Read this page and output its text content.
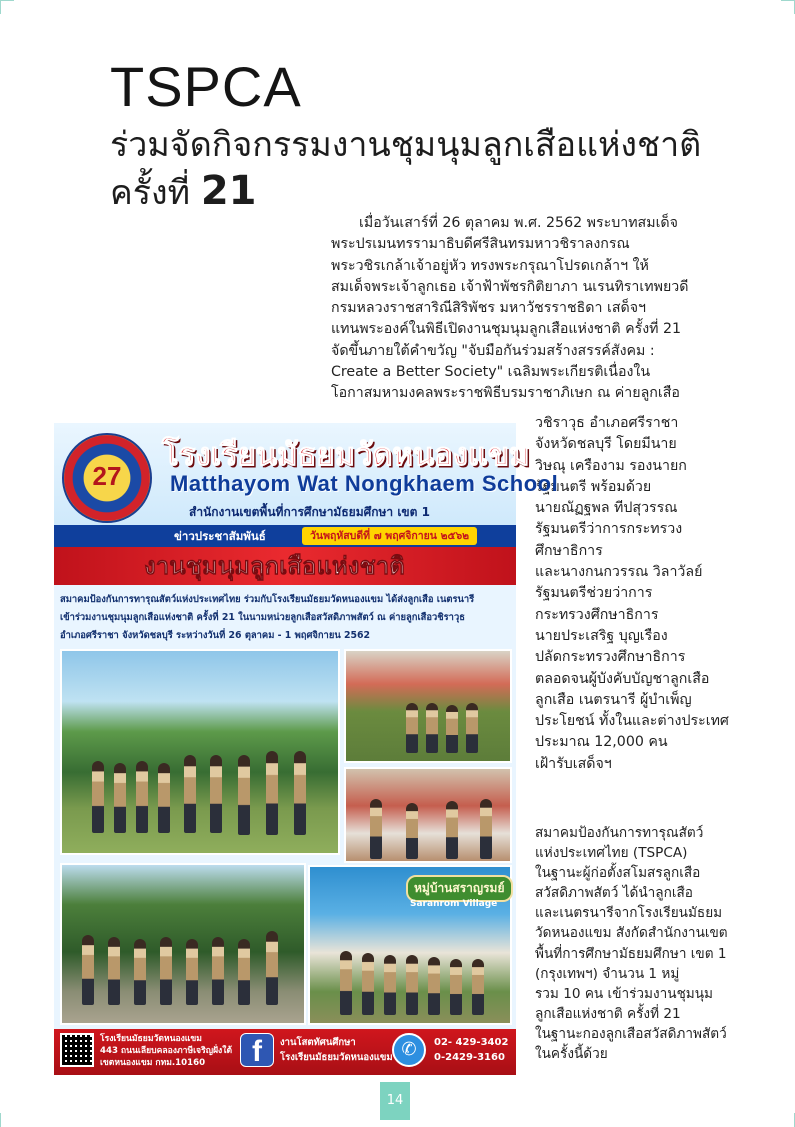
TSPCA
ร่วมจัดกิจกรรมงานชุมนุมลูกเสือแห่งชาติ
ครั้งที่ 21
เมื่อวันเสาร์ที่ 26 ตุลาคม พ.ศ. 2562 พระบาทสมเด็จ
พระปรเมนทรรามาธิบดีศรีสินทรมหาวชิราลงกรณ
พระวชิรเกล้าเจ้าอยู่หัว ทรงพระกรุณาโปรดเกล้าฯ ให้
สมเด็จพระเจ้าลูกเธอ เจ้าฟ้าพัชรกิติยาภา นเรนทิราเทพยวดี
กรมหลวงราชสาริณีสิริพัชร มหาวัชรราชธิดา เสด็จฯ
แทนพระองค์ในพิธีเปิดงานชุมนุมลูกเสือแห่งชาติ ครั้งที่ 21
จัดขึ้นภายใต้คำขวัญ "จับมือกันร่วมสร้างสรรค์สังคม :
Create a Better Society" เฉลิมพระเกียรติเนื่องใน
โอกาสมหามงคลพระราชพิธีบรมราชาภิเษก ณ ค่ายลูกเสือ
วชิราวุธ อำเภอศรีราชา
จังหวัดชลบุรี โดยมีนาย
วิษณุ เครืองาม รองนายก
รัฐมนตรี พร้อมด้วย
นายณัฏฐพล ทีปสุวรรณ
รัฐมนตรีว่าการกระทรวง
ศึกษาธิการ
และนางกนกวรรณ วิลาวัลย์
รัฐมนตรีช่วยว่าการ
กระทรวงศึกษาธิการ
นายประเสริฐ บุญเรือง
ปลัดกระทรวงศึกษาธิการ
ตลอดจนผู้บังคับบัญชาลูกเสือ
ลูกเสือ เนตรนารี ผู้บำเพ็ญ
ประโยชน์ ทั้งในและต่างประเทศ
ประมาณ 12,000 คน
เฝ้ารับเสด็จฯ
สมาคมป้องกันการทารุณสัตว์
แห่งประเทศไทย (TSPCA)
ในฐานะผู้ก่อตั้งสโมสรลูกเสือ
สวัสดิภาพสัตว์ ได้นำลูกเสือ
และเนตรนารีจากโรงเรียนมัธยม
วัดหนองแขม สังกัดสำนักงานเขต
พื้นที่การศึกษามัธยมศึกษา เขต 1
(กรุงเทพฯ) จำนวน 1 หมู่
รวม 10 คน เข้าร่วมงานชุมนุม
ลูกเสือแห่งชาติ ครั้งที่ 21
ในฐานะกองลูกเสือสวัสดิภาพสัตว์
ในครั้งนี้ด้วย
27
โรงเรียนมัธยมวัดหนองแขม
Matthayom Wat Nongkhaem School
สำนักงานเขตพื้นที่การศึกษามัธยมศึกษา เขต 1
ข่าวประชาสัมพันธ์	วันพฤหัสบดีที่ ๗ พฤศจิกายน ๒๕๖๒
งานชุมนุมลูกเสือแห่งชาติ
สมาคมป้องกันการทารุณสัตว์แห่งประเทศไทย ร่วมกับโรงเรียนมัธยมวัดหนองแขม ได้ส่งลูกเสือ เนตรนารี
เข้าร่วมงานชุมนุมลูกเสือแห่งชาติ ครั้งที่ 21 ในนามหน่วยลูกเสือสวัสดิภาพสัตว์ ณ ค่ายลูกเสือวชิราวุธ
อำเภอศรีราชา จังหวัดชลบุรี ระหว่างวันที่ 26 ตุลาคม - 1 พฤศจิกายน 2562
หมู่บ้านสราญรมย์
Saranrom Village
โรงเรียนมัธยมวัดหนองแขม
443 ถนนเลียบคลองภาษีเจริญฝั่งใต้
เขตหนองแขม กทม.10160	f	งานโสตทัศนศึกษา
โรงเรียนมัธยมวัดหนองแขม ✆	02- 429-3402
0-2429-3160
14
